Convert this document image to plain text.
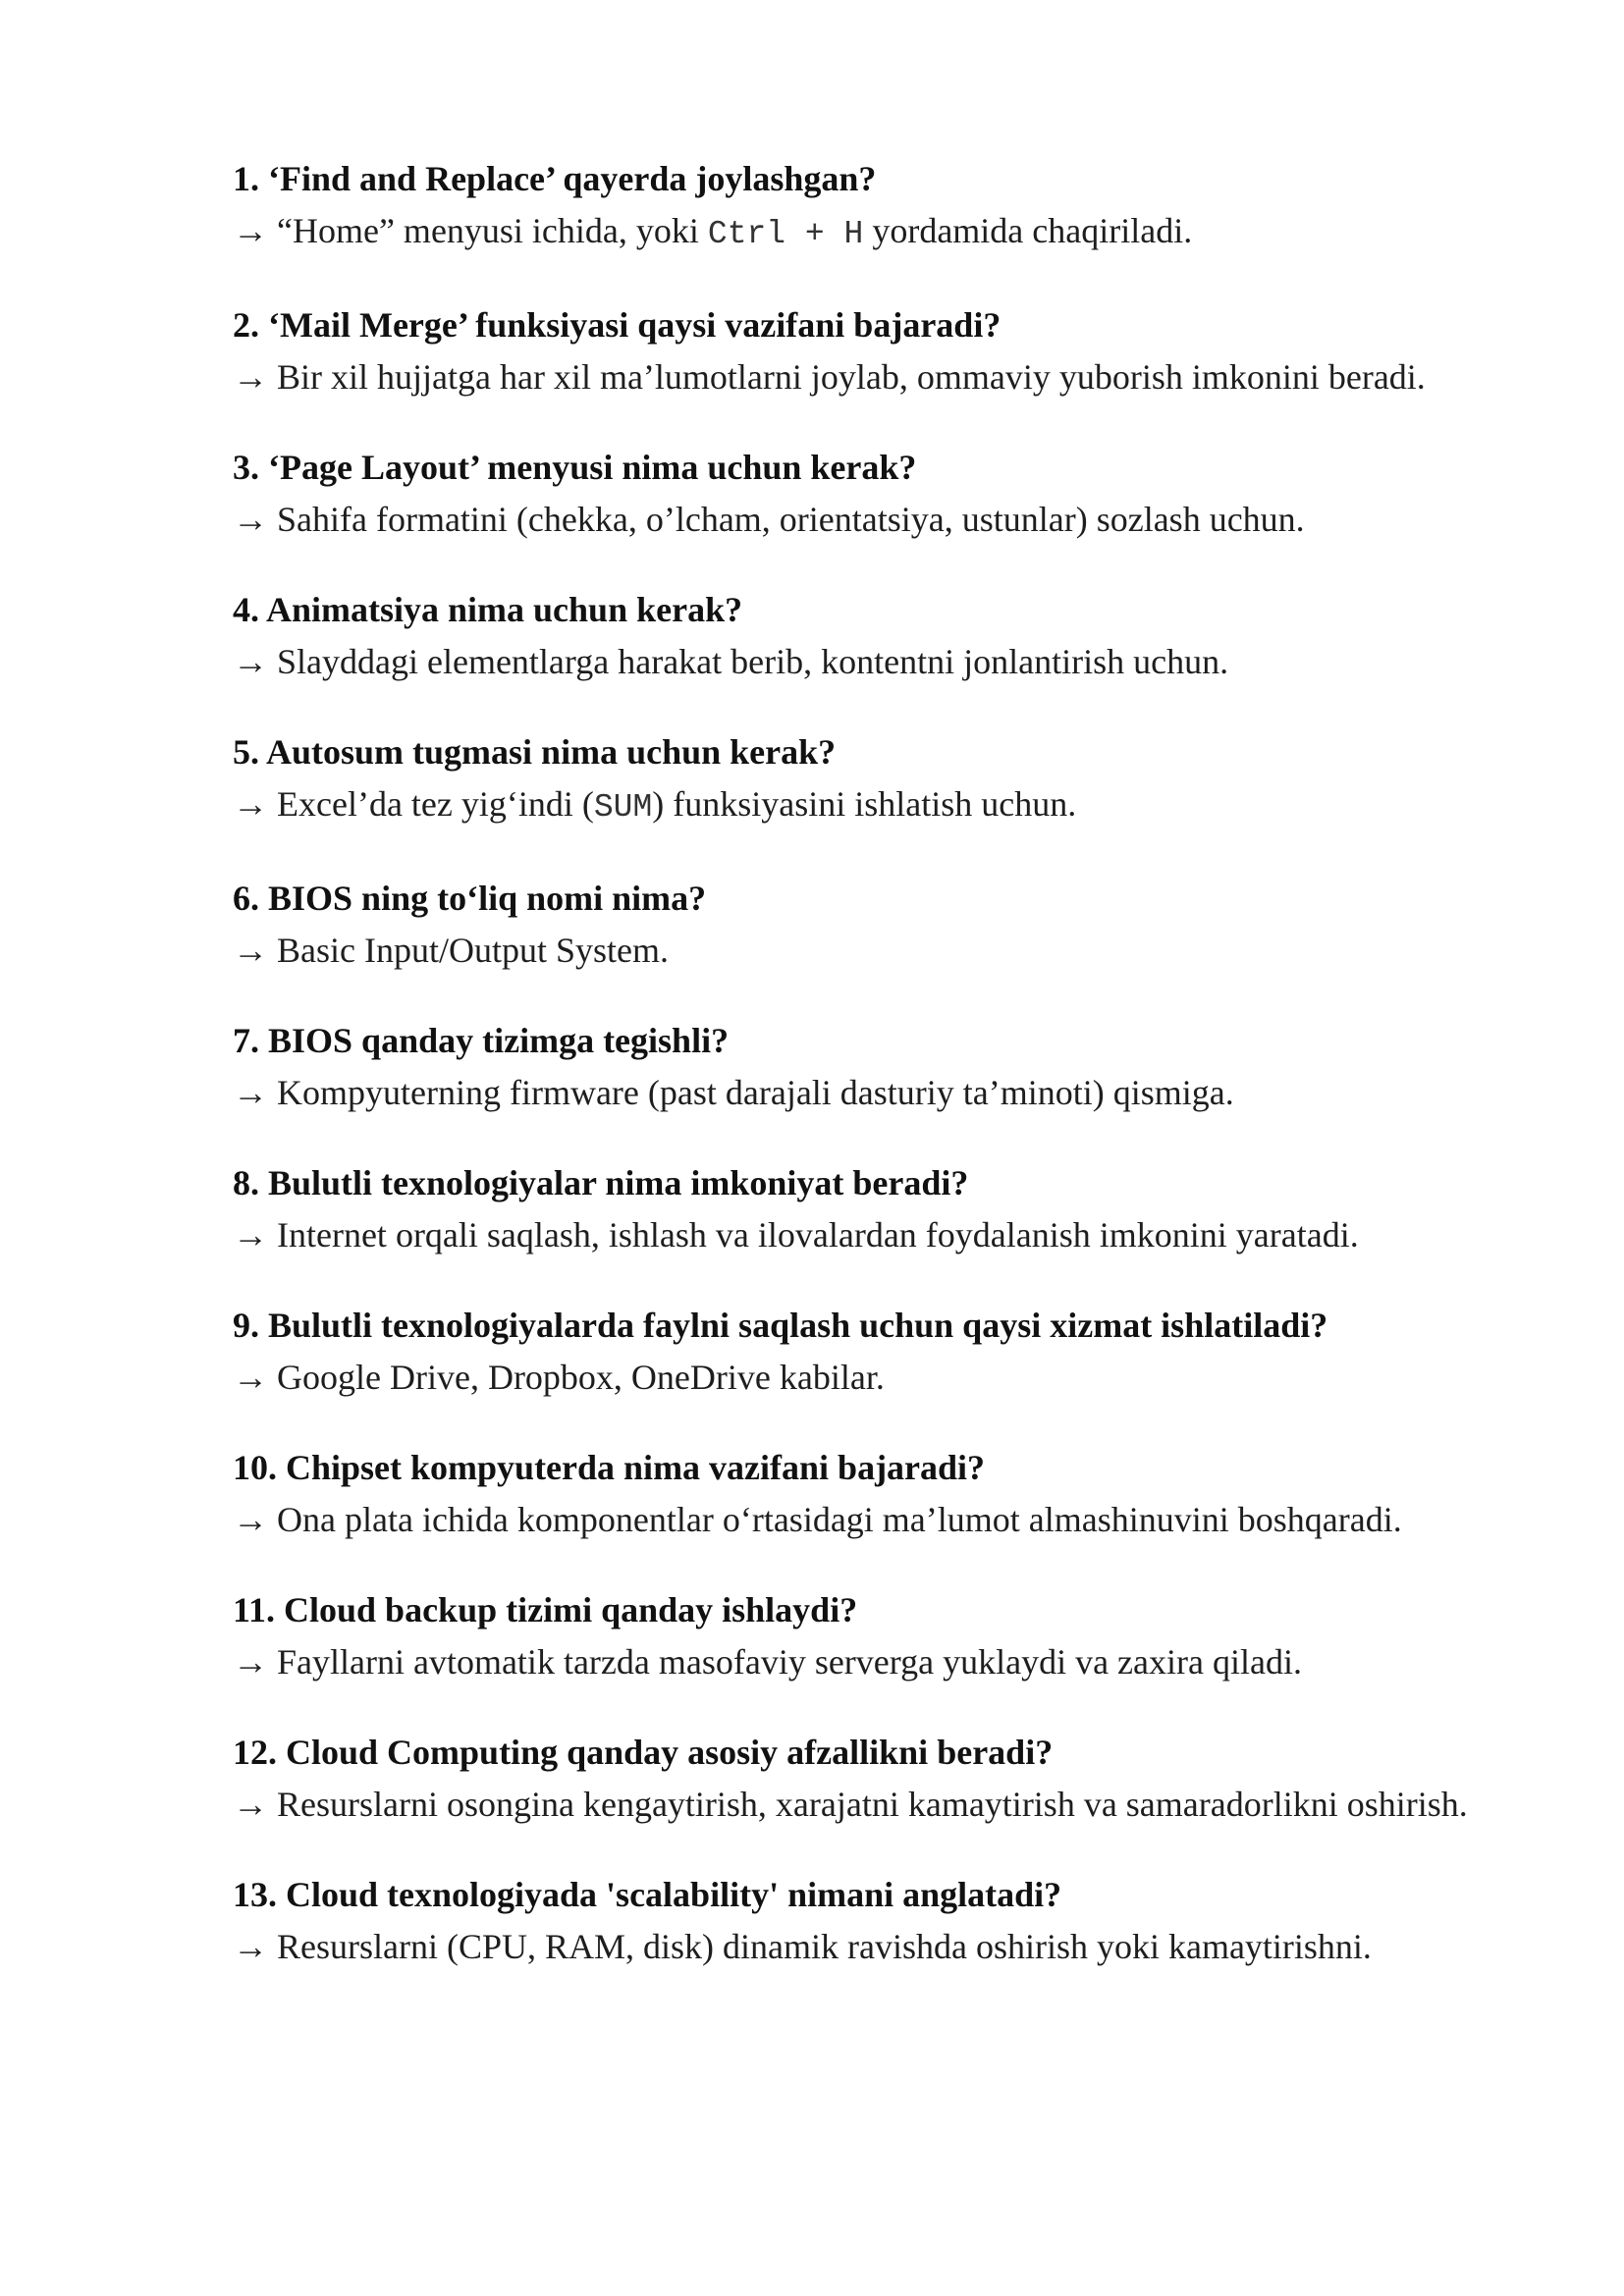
1. ‘Find and Replace’ qayerda joylashgan?

→ “Home” menyusi ichida, yoki Ctrl + H yordamida chaqiriladi.

2. ‘Mail Merge’ funksiyasi qaysi vazifani bajaradi?

→ Bir xil hujjatga har xil ma’lumotlarni joylab, ommaviy yuborish imkonini beradi.

3. ‘Page Layout’ menyusi nima uchun kerak?

→ Sahifa formatini (chekka, o’lcham, orientatsiya, ustunlar) sozlash uchun.

4. Animatsiya nima uchun kerak?

→ Slayddagi elementlarga harakat berib, kontentni jonlantirish uchun.

5. Autosum tugmasi nima uchun kerak?

→ Excel’da tez yig‘indi (SUM) funksiyasini ishlatish uchun.

6. BIOS ning to‘liq nomi nima?

→ Basic Input/Output System.

7. BIOS qanday tizimga tegishli?

→ Kompyuterning firmware (past darajali dasturiy ta’minoti) qismiga.

8. Bulutli texnologiyalar nima imkoniyat beradi?

→ Internet orqali saqlash, ishlash va ilovalardan foydalanish imkonini yaratadi.

9. Bulutli texnologiyalarda faylni saqlash uchun qaysi xizmat ishlatiladi?

→ Google Drive, Dropbox, OneDrive kabilar.

10. Chipset kompyuterda nima vazifani bajaradi?

→ Ona plata ichida komponentlar o‘rtasidagi ma’lumot almashinuvini boshqaradi.

11. Cloud backup tizimi qanday ishlaydi?

→ Fayllarni avtomatik tarzda masofaviy serverga yuklaydi va zaxira qiladi.

12. Cloud Computing qanday asosiy afzallikni beradi?

→ Resurslarni osongina kengaytirish, xarajatni kamaytirish va samaradorlikni oshirish.

13. Cloud texnologiyada 'scalability' nimani anglatadi?

→ Resurslarni (CPU, RAM, disk) dinamik ravishda oshirish yoki kamaytirishni.
